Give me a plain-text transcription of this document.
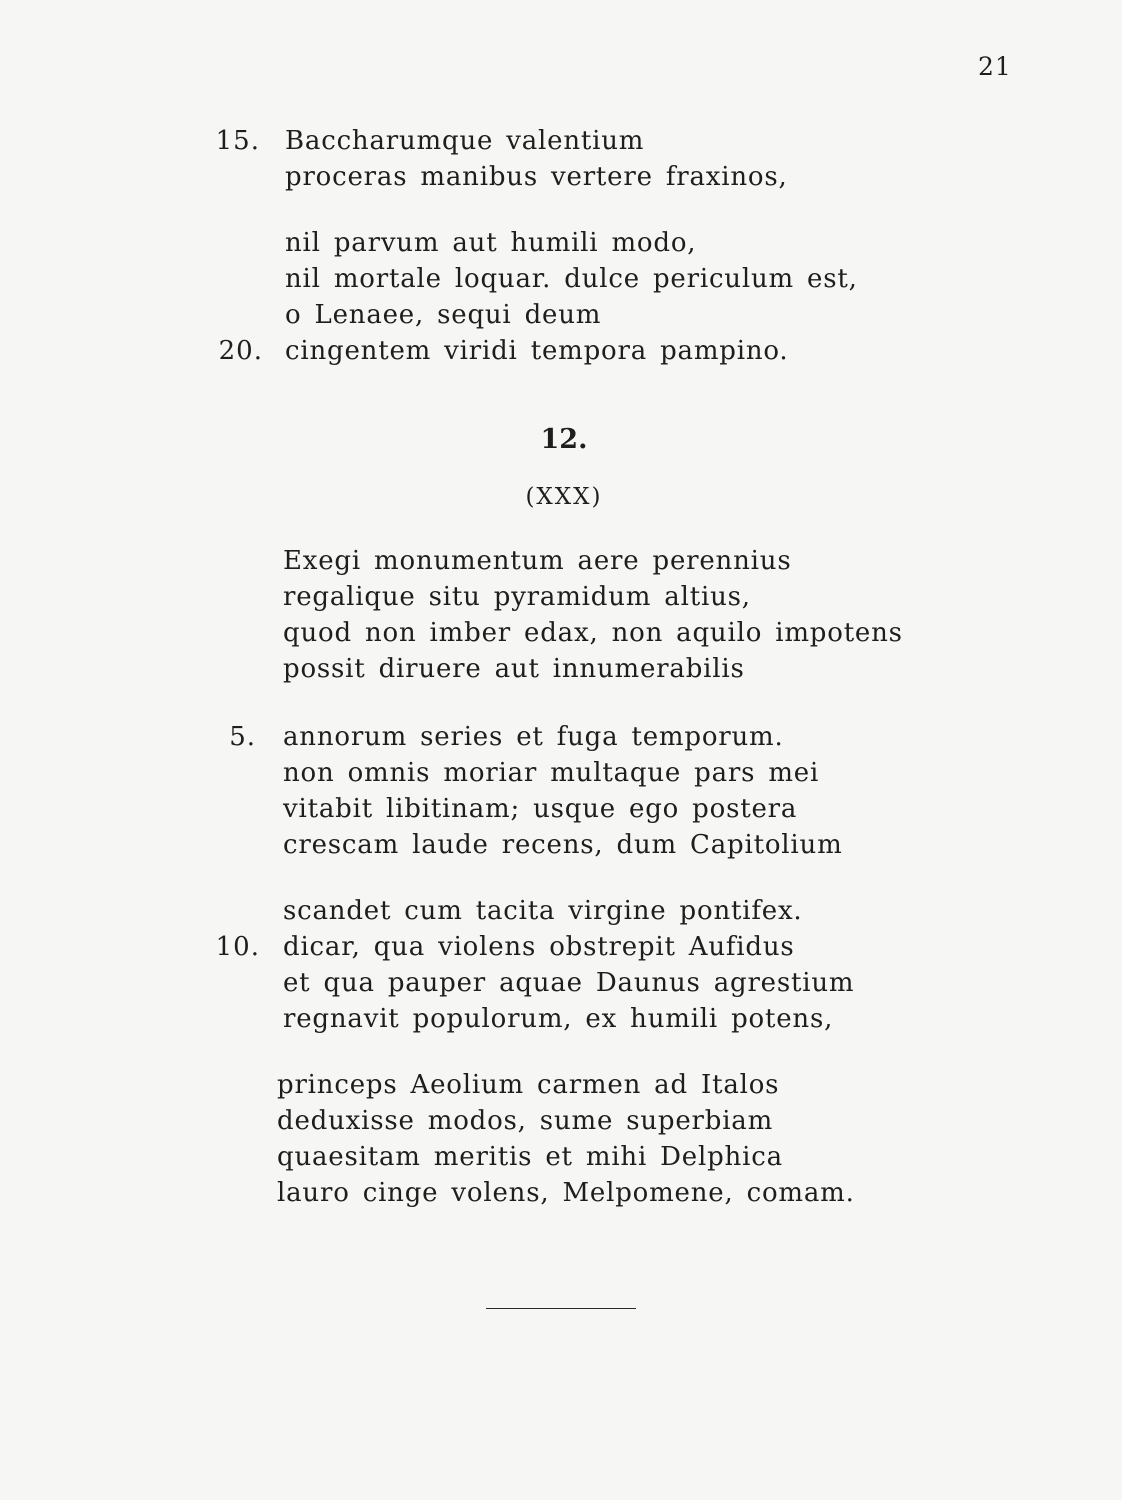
21
15. Baccharumque valentium
proceras manibus vertere fraxinos,
nil parvum aut humili modo,
nil mortale loquar. dulce periculum est,
o Lenaee, sequi deum
20. cingentem viridi tempora pampino.
12.
(XXX)
Exegi monumentum aere perennius
regalique situ pyramidum altius,
quod non imber edax, non aquilo impotens
possit diruere aut innumerabilis
5. annorum series et fuga temporum.
non omnis moriar multaque pars mei
vitabit libitinam; usque ego postera
crescam laude recens, dum Capitolium
scandet cum tacita virgine pontifex.
10. dicar, qua violens obstrepit Aufidus
et qua pauper aquae Daunus agrestium
regnavit populorum, ex humili potens,
princeps Aeolium carmen ad Italos
deduxisse modos, sume superbiam
quaesitam meritis et mihi Delphica
lauro cinge volens, Melpomene, comam.
